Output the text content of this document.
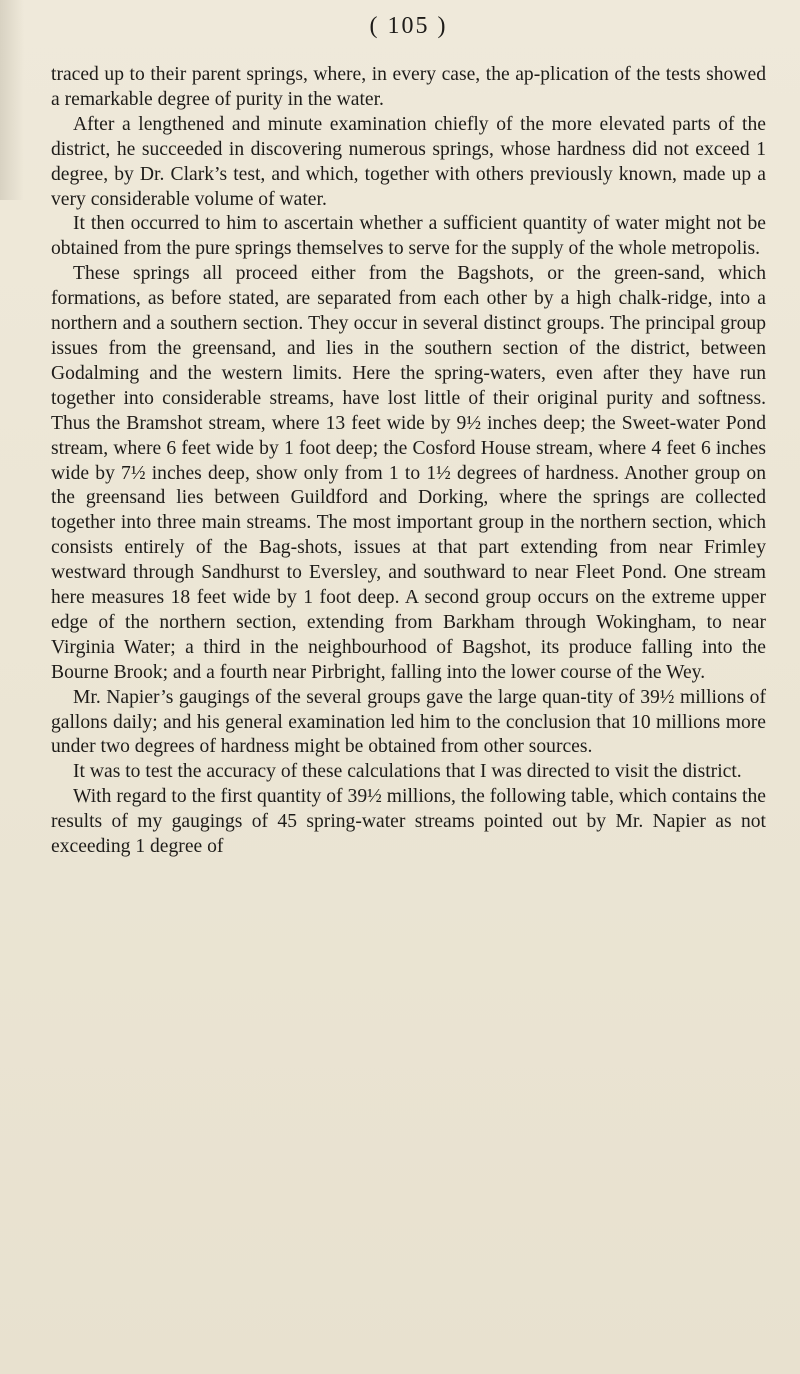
( 105 )

traced up to their parent springs, where, in every case, the ap-plication of the tests showed a remarkable degree of purity in the water.

After a lengthened and minute examination chiefly of the more elevated parts of the district, he succeeded in discovering numerous springs, whose hardness did not exceed 1 degree, by Dr. Clark’s test, and which, together with others previously known, made up a very considerable volume of water.

It then occurred to him to ascertain whether a sufficient quantity of water might not be obtained from the pure springs themselves to serve for the supply of the whole metropolis.

These springs all proceed either from the Bagshots, or the green-sand, which formations, as before stated, are separated from each other by a high chalk-ridge, into a northern and a southern section. They occur in several distinct groups. The principal group issues from the greensand, and lies in the southern section of the district, between Godalming and the western limits. Here the spring-waters, even after they have run together into considerable streams, have lost little of their original purity and softness. Thus the Bramshot stream, where 13 feet wide by 9½ inches deep; the Sweet-water Pond stream, where 6 feet wide by 1 foot deep; the Cosford House stream, where 4 feet 6 inches wide by 7½ inches deep, show only from 1 to 1½ degrees of hardness. Another group on the greensand lies between Guildford and Dorking, where the springs are collected together into three main streams. The most important group in the northern section, which consists entirely of the Bag-shots, issues at that part extending from near Frimley westward through Sandhurst to Eversley, and southward to near Fleet Pond. One stream here measures 18 feet wide by 1 foot deep. A second group occurs on the extreme upper edge of the northern section, extending from Barkham through Wokingham, to near Virginia Water; a third in the neighbourhood of Bagshot, its produce falling into the Bourne Brook; and a fourth near Pirbright, falling into the lower course of the Wey.

Mr. Napier’s gaugings of the several groups gave the large quan-tity of 39½ millions of gallons daily; and his general examination led him to the conclusion that 10 millions more under two degrees of hardness might be obtained from other sources.

It was to test the accuracy of these calculations that I was directed to visit the district.

With regard to the first quantity of 39½ millions, the following table, which contains the results of my gaugings of 45 spring-water streams pointed out by Mr. Napier as not exceeding 1 degree of
